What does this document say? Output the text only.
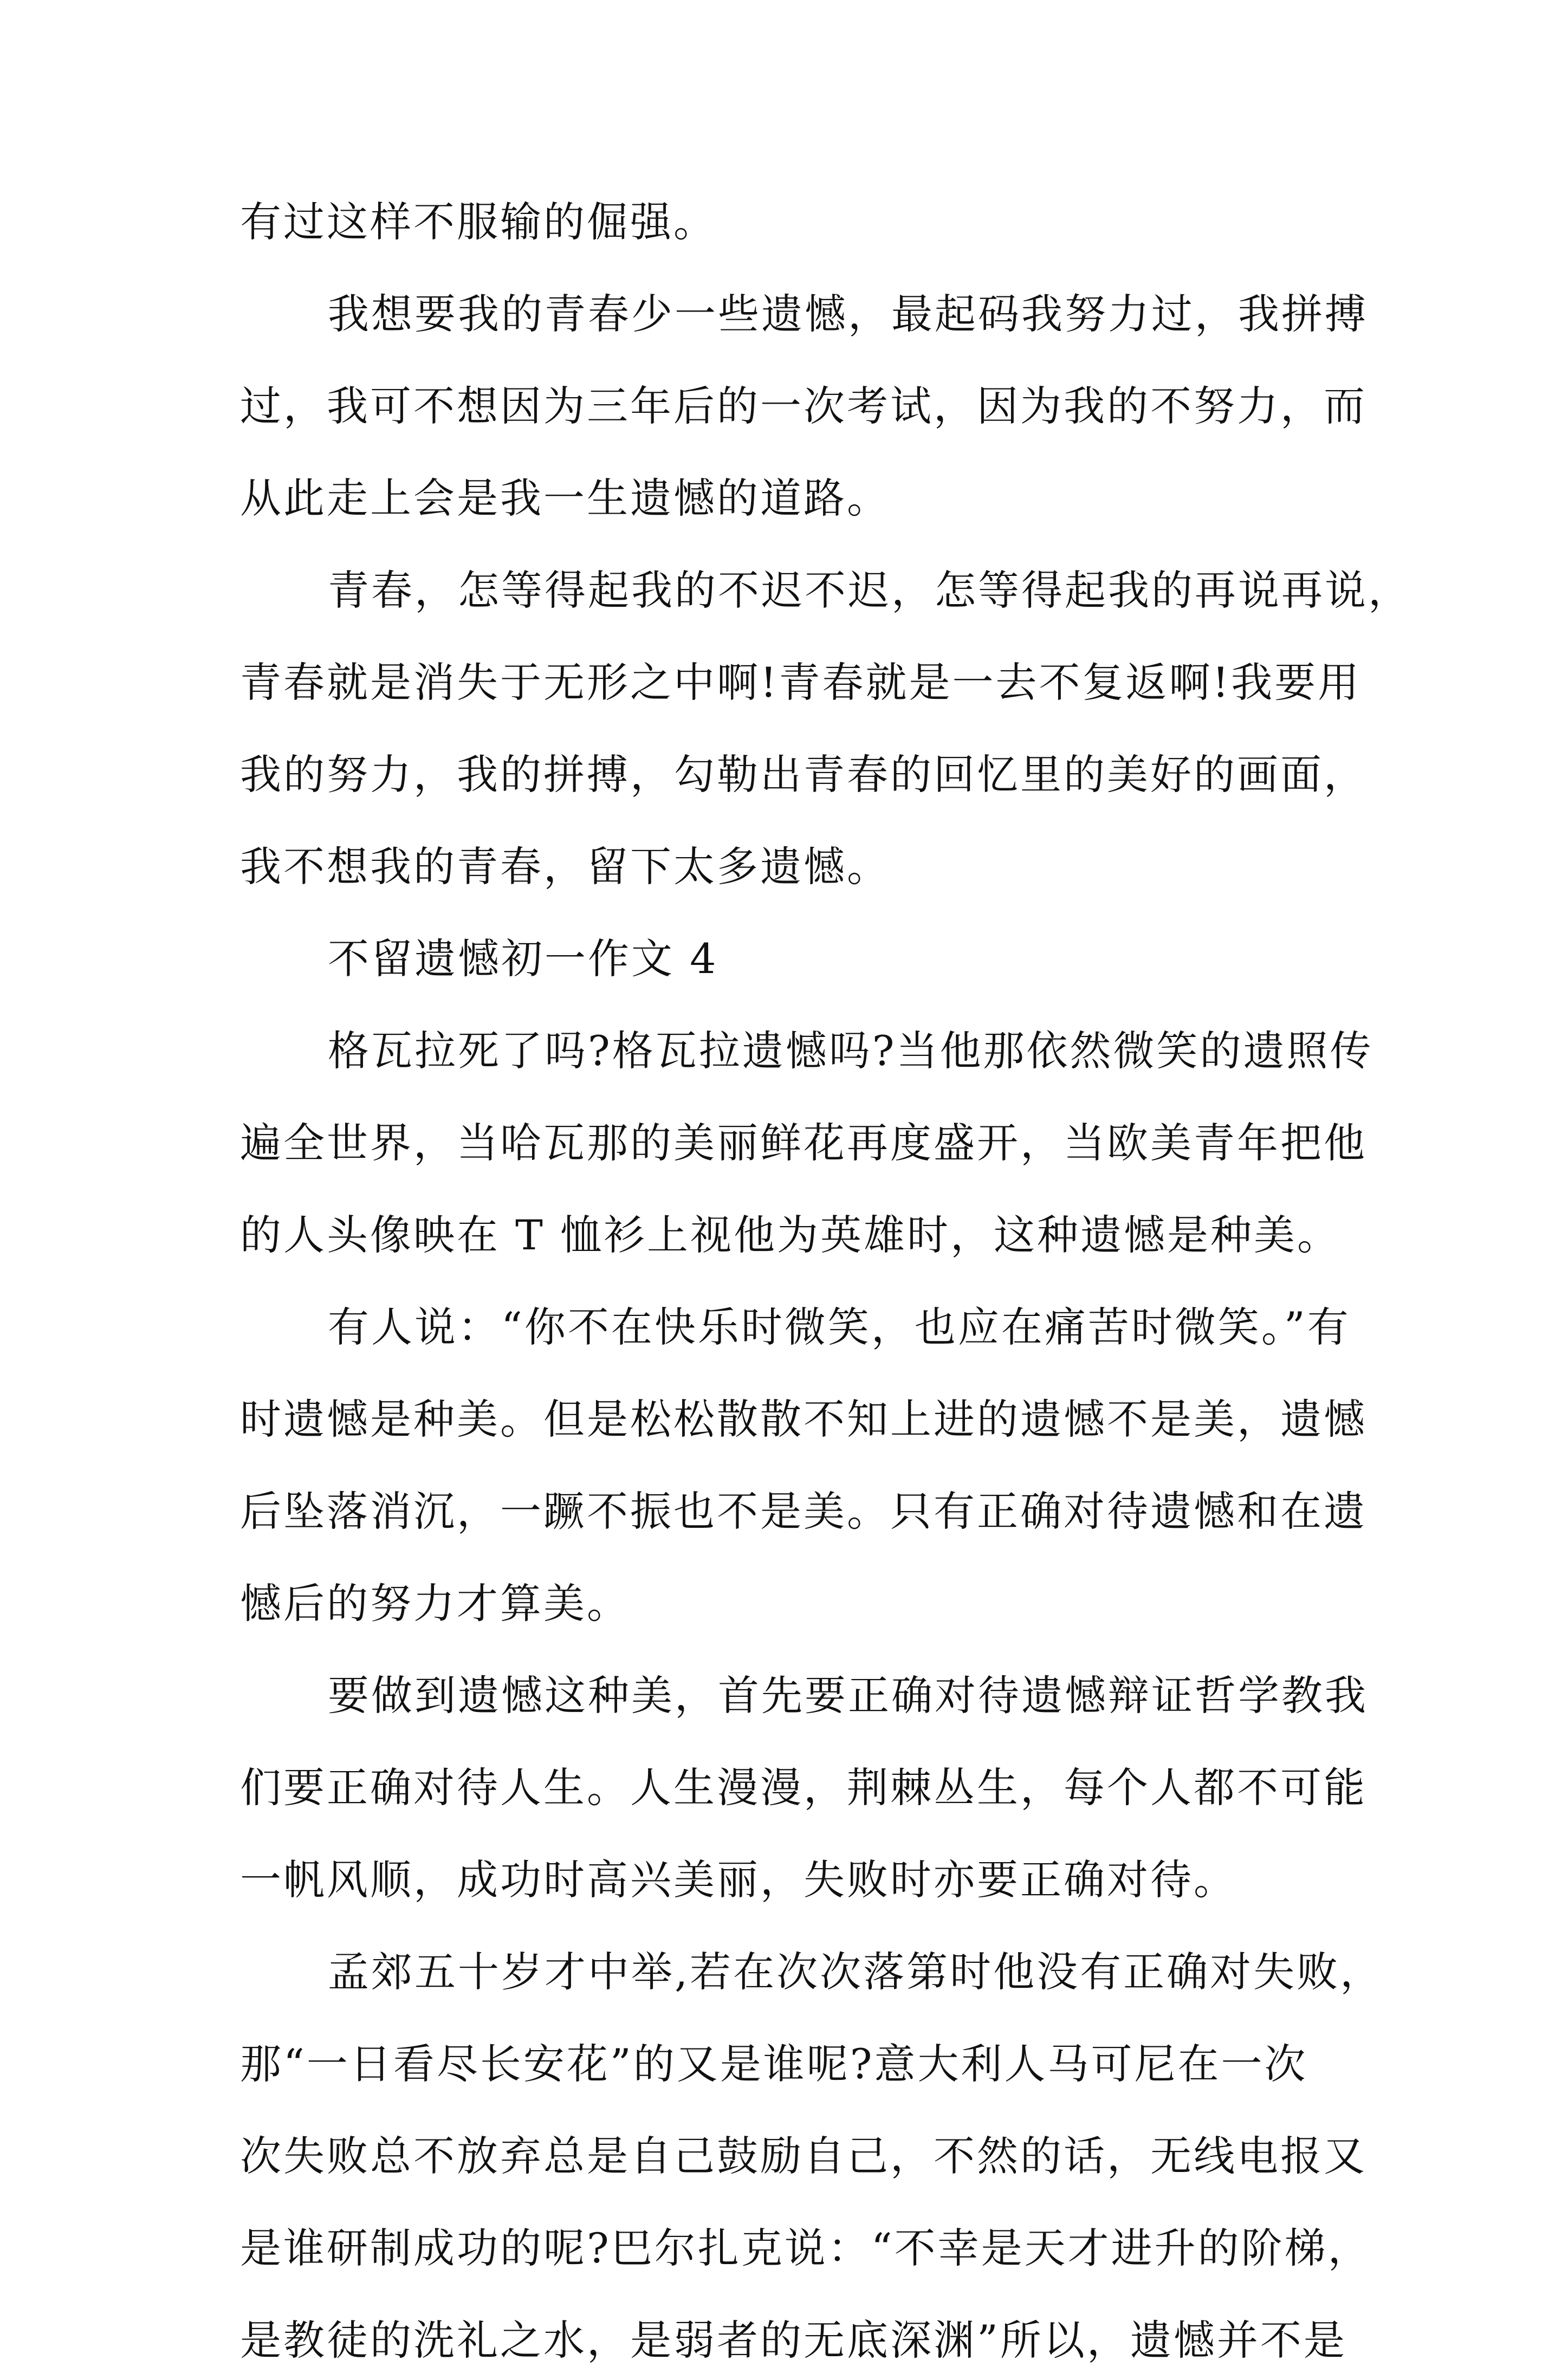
有过这样不服输的倔强。
我想要我的青春少一些遗憾，最起码我努力过，我拼搏
过，我可不想因为三年后的一次考试，因为我的不努力，而
从此走上会是我一生遗憾的道路。
青春，怎等得起我的不迟不迟，怎等得起我的再说再说，
青春就是消失于无形之中啊!青春就是一去不复返啊!我要用
我的努力，我的拼搏，勾勒出青春的回忆里的美好的画面，
我不想我的青春，留下太多遗憾。
不留遗憾初一作文 4
格瓦拉死了吗?格瓦拉遗憾吗?当他那依然微笑的遗照传
遍全世界，当哈瓦那的美丽鲜花再度盛开，当欧美青年把他
的人头像映在 T 恤衫上视他为英雄时，这种遗憾是种美。
有人说：“你不在快乐时微笑，也应在痛苦时微笑。”有
时遗憾是种美。但是松松散散不知上进的遗憾不是美，遗憾
后坠落消沉，一蹶不振也不是美。只有正确对待遗憾和在遗
憾后的努力才算美。
要做到遗憾这种美，首先要正确对待遗憾辩证哲学教我
们要正确对待人生。人生漫漫，荆棘丛生，每个人都不可能
一帆风顺，成功时高兴美丽，失败时亦要正确对待。
孟郊五十岁才中举,若在次次落第时他没有正确对失败，
那“一日看尽长安花”的又是谁呢?意大利人马可尼在一次
次失败总不放弃总是自己鼓励自己，不然的话，无线电报又
是谁研制成功的呢?巴尔扎克说：“不幸是天才进升的阶梯，
是教徒的洗礼之水，是弱者的无底深渊”所以，遗憾并不是
